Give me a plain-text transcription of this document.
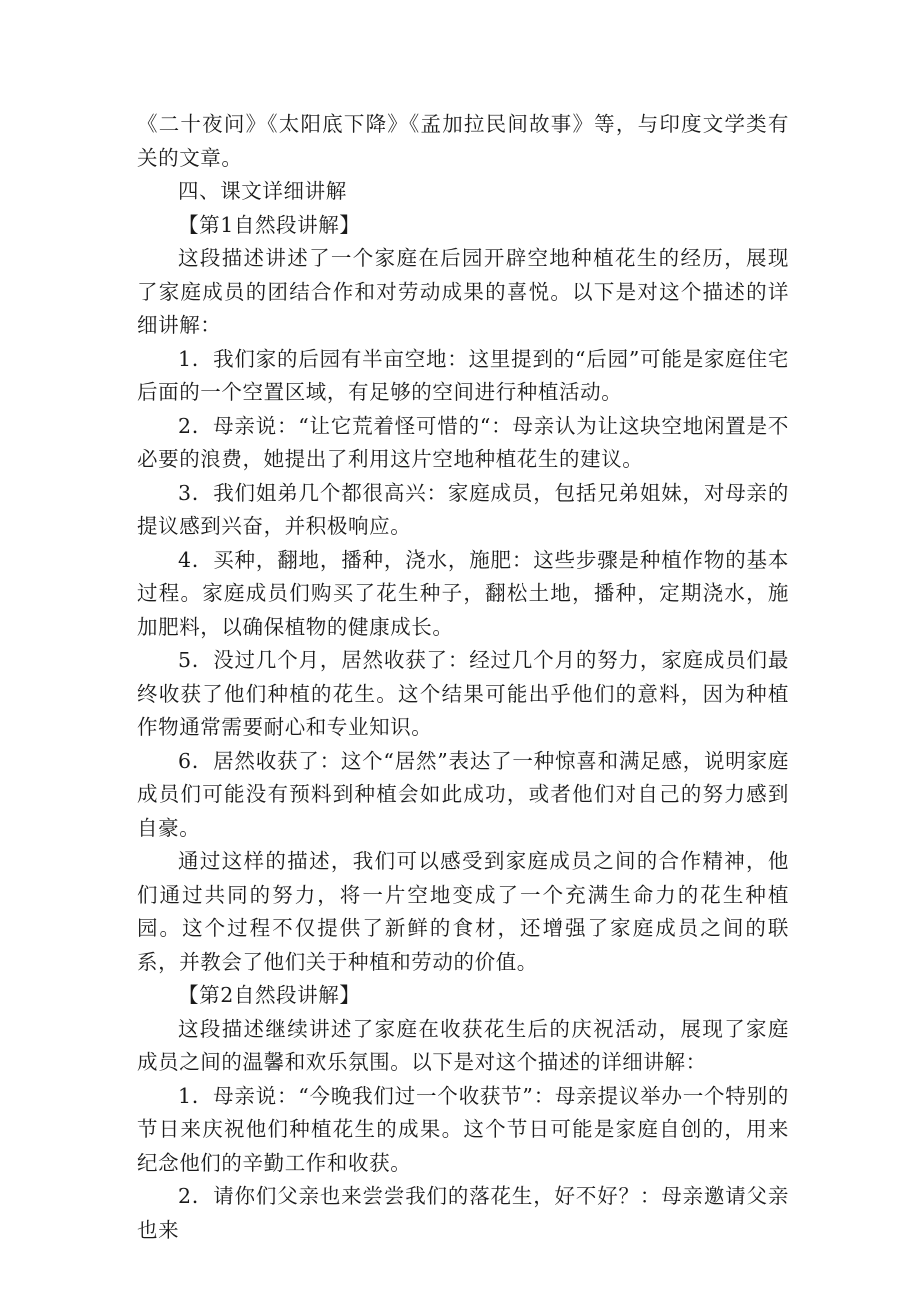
《二十夜问》《太阳底下降》《孟加拉民间故事》等，与印度文学类有关的文章。

四、课文详细讲解

【第1自然段讲解】

这段描述讲述了一个家庭在后园开辟空地种植花生的经历，展现了家庭成员的团结合作和对劳动成果的喜悦。以下是对这个描述的详细讲解：

1．我们家的后园有半亩空地：这里提到的“后园”可能是家庭住宅后面的一个空置区域，有足够的空间进行种植活动。

2．母亲说：“让它荒着怪可惜的“：母亲认为让这块空地闲置是不必要的浪费，她提出了利用这片空地种植花生的建议。

3．我们姐弟几个都很高兴：家庭成员，包括兄弟姐妹，对母亲的提议感到兴奋，并积极响应。

4．买种，翻地，播种，浇水，施肥：这些步骤是种植作物的基本过程。家庭成员们购买了花生种子，翻松土地，播种，定期浇水，施加肥料，以确保植物的健康成长。

5．没过几个月，居然收获了：经过几个月的努力，家庭成员们最终收获了他们种植的花生。这个结果可能出乎他们的意料，因为种植作物通常需要耐心和专业知识。

6．居然收获了：这个“居然”表达了一种惊喜和满足感，说明家庭成员们可能没有预料到种植会如此成功，或者他们对自己的努力感到自豪。

通过这样的描述，我们可以感受到家庭成员之间的合作精神，他们通过共同的努力，将一片空地变成了一个充满生命力的花生种植园。这个过程不仅提供了新鲜的食材，还增强了家庭成员之间的联系，并教会了他们关于种植和劳动的价值。

【第2自然段讲解】

这段描述继续讲述了家庭在收获花生后的庆祝活动，展现了家庭成员之间的温馨和欢乐氛围。以下是对这个描述的详细讲解：

1．母亲说：“今晚我们过一个收获节”：母亲提议举办一个特别的节日来庆祝他们种植花生的成果。这个节日可能是家庭自创的，用来纪念他们的辛勤工作和收获。

2．请你们父亲也来尝尝我们的落花生，好不好？：母亲邀请父亲也来
